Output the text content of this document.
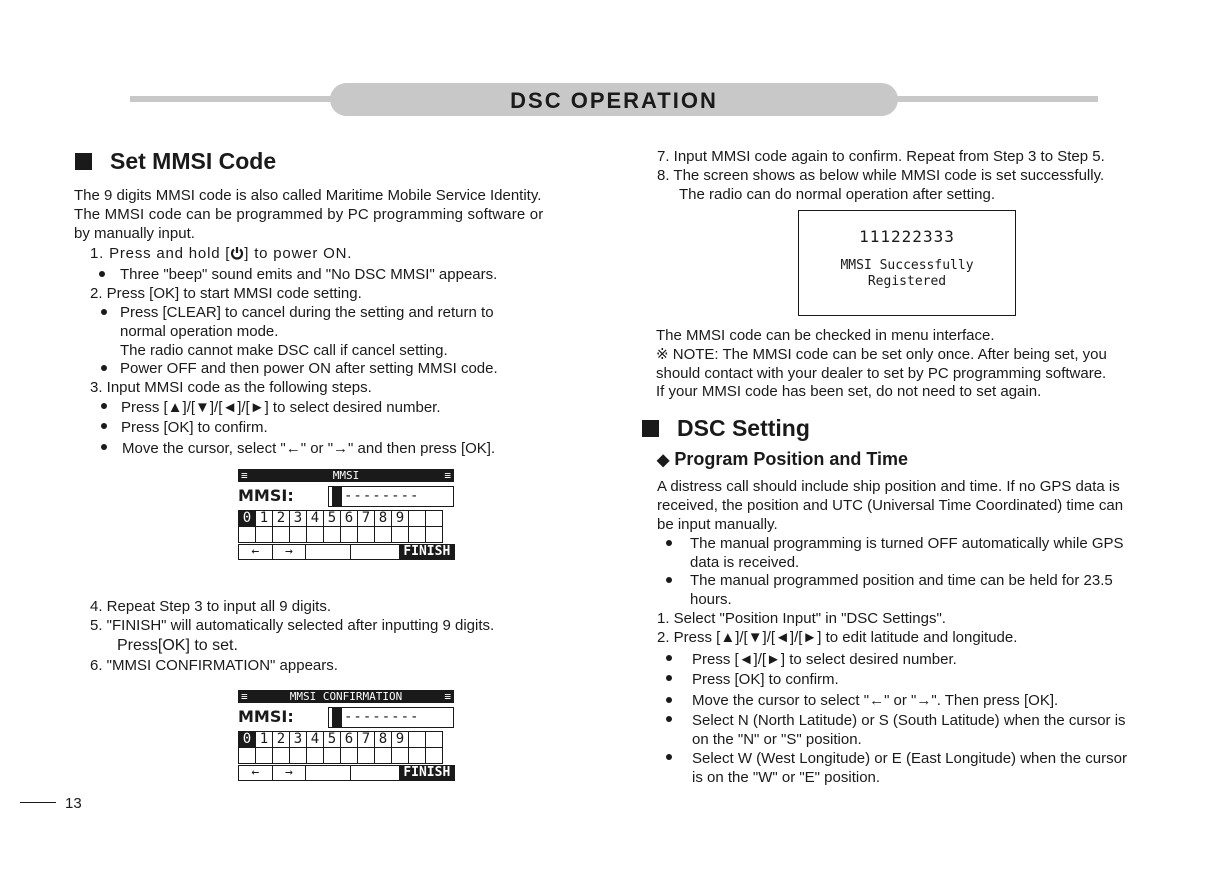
DSC OPERATION
Set MMSI Code
The 9 digits MMSI code is also called Maritime Mobile Service Identity.
The MMSI code can be programmed by PC programming software or
by manually input.
1. Press and hold [ ] to power ON.
Three "beep" sound emits and "No DSC MMSI" appears.
2. Press [OK] to start MMSI code setting.
Press [CLEAR] to cancel during the setting and return to
normal operation mode.
The radio cannot make DSC call if cancel setting.
Power OFF and then power ON after setting MMSI code.
3. Input MMSI code as the following steps.
Press [▲]/[▼]/[◄]/[►] to select desired number.
Press [OK] to confirm.
Move the cursor, select "←" or "→" and then press [OK].
≡	MMSI	≡
MMSI:	0 --------
0	1	2	3	4	5	6	7	8	9		

←	→			FINISH
4. Repeat Step 3 to input all 9 digits.
5. "FINISH" will automatically selected after inputting 9 digits.
Press[OK] to set.
6. "MMSI CONFIRMATION" appears.
≡	MMSI CONFIRMATION	≡
MMSI:	0 --------
0	1	2	3	4	5	6	7	8	9		

←	→			FINISH
7. Input MMSI code again to confirm. Repeat from Step 3 to Step 5.
8. The screen shows as below while MMSI code is set successfully.
The radio can do normal operation after setting.
111222333
MMSI Successfully
Registered
The MMSI code can be checked in menu interface.
※ NOTE: The MMSI code can be set only once. After being set, you
should contact with your dealer to set by PC programming software.
If your MMSI code has been set, do not need to set again.
DSC Setting
◆ Program Position and Time
A distress call should include ship position and time. If no GPS data is
received, the position and UTC (Universal Time Coordinated) time can
be input manually.
The manual programming is turned OFF automatically while GPS
data is received.
The manual programmed position and time can be held for 23.5
hours.
1. Select "Position Input" in "DSC Settings".
2. Press [▲]/[▼]/[◄]/[►] to edit latitude and longitude.
Press [◄]/[►] to select desired number.
Press [OK] to confirm.
Move the cursor to select "←" or "→". Then press [OK].
Select N (North Latitude) or S (South Latitude) when the cursor is
on the "N" or "S" position.
Select W (West Longitude) or E (East Longitude) when the cursor
is on the "W" or "E" position.
13
